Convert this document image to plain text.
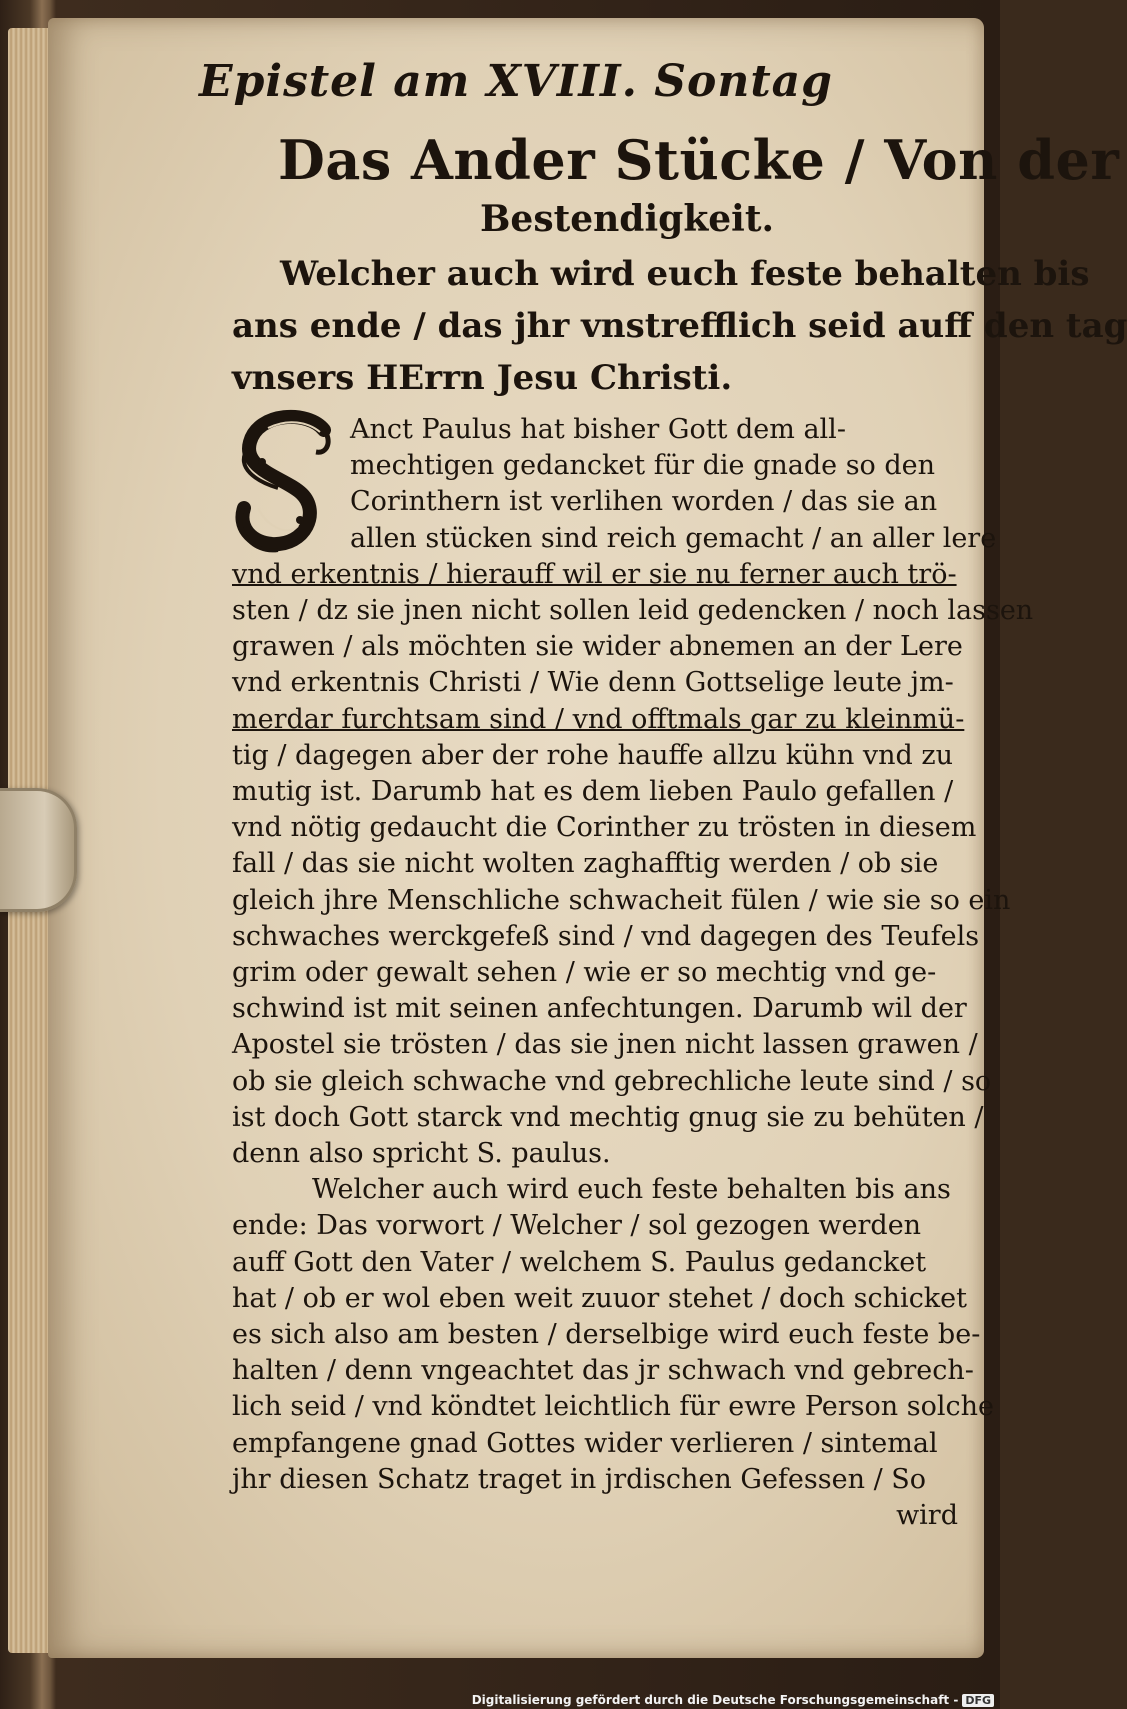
Epistel am XVIII. Sontag
Das Ander Stücke / Von der
Bestendigkeit.
Welcher auch wird euch feste behalten bis
ans ende / das jhr vnstrefflich seid auff den tag
vnsers HErrn Jesu Christi.
S
Anct Paulus hat bisher Gott dem all-
mechtigen gedancket für die gnade so den
Corinthern ist verlihen worden / das sie an
allen stücken sind reich gemacht / an aller lere
vnd erkentnis / hierauff wil er sie nu ferner auch trö-
sten / dz sie jnen nicht sollen leid gedencken / noch lassen
grawen / als möchten sie wider abnemen an der Lere
vnd erkentnis Christi / Wie denn Gottselige leute jm-
merdar furchtsam sind / vnd offtmals gar zu kleinmü-
tig / dagegen aber der rohe hauffe allzu kühn vnd zu
mutig ist. Darumb hat es dem lieben Paulo gefallen /
vnd nötig gedaucht die Corinther zu trösten in diesem
fall / das sie nicht wolten zaghafftig werden / ob sie
gleich jhre Menschliche schwacheit fülen / wie sie so ein
schwaches werckgefeß sind / vnd dagegen des Teufels
grim oder gewalt sehen / wie er so mechtig vnd ge-
schwind ist mit seinen anfechtungen. Darumb wil der
Apostel sie trösten / das sie jnen nicht lassen grawen /
ob sie gleich schwache vnd gebrechliche leute sind / so
ist doch Gott starck vnd mechtig gnug sie zu behüten /
denn also spricht S. paulus.
Welcher auch wird euch feste behalten bis ans
ende: Das vorwort / Welcher / sol gezogen werden
auff Gott den Vater / welchem S. Paulus gedancket
hat / ob er wol eben weit zuuor stehet / doch schicket
es sich also am besten / derselbige wird euch feste be-
halten / denn vngeachtet das jr schwach vnd gebrech-
lich seid / vnd köndtet leichtlich für ewre Person solche
empfangene gnad Gottes wider verlieren / sintemal
jhr diesen Schatz traget in jrdischen Gefessen / So
wird
Digitalisierung gefördert durch die Deutsche Forschungsgemeinschaft - DFG
